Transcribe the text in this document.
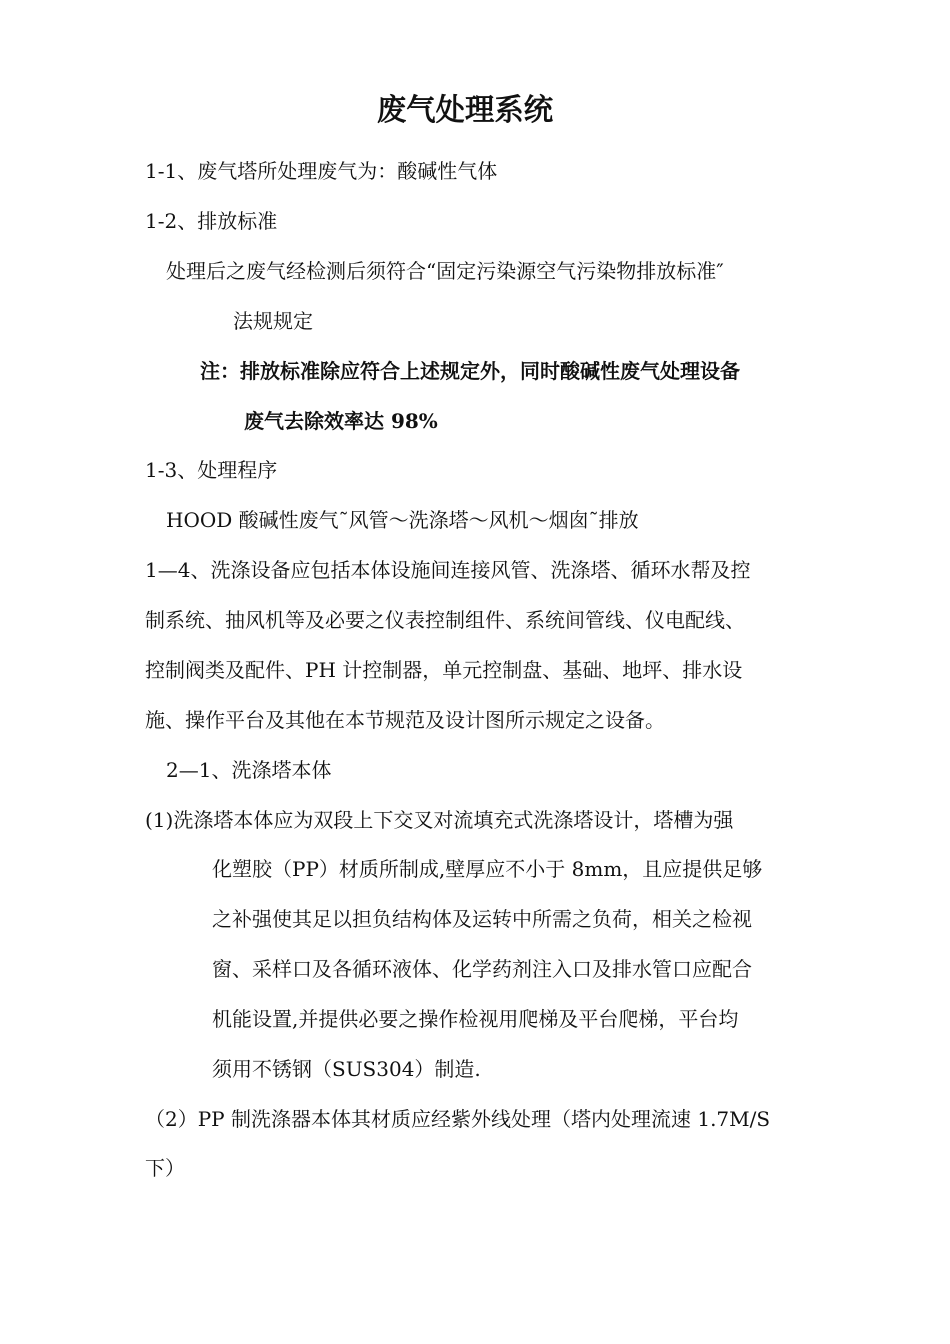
废气处理系统
1-1、废气塔所处理废气为：酸碱性气体
1-2、排放标准
处理后之废气经检测后须符合“固定污染源空气污染物排放标准″
法规规定
注：排放标准除应符合上述规定外，同时酸碱性废气处理设备
废气去除效率达 98%
1-3、处理程序
HOOD 酸碱性废气˜风管～洗涤塔～风机～烟囱˜排放
1—4、洗涤设备应包括本体设施间连接风管、洗涤塔、循环水帮及控
制系统、抽风机等及必要之仪表控制组件、系统间管线、仪电配线、
控制阀类及配件、PH 计控制器，单元控制盘、基础、地坪、排水设
施、操作平台及其他在本节规范及设计图所示规定之设备。
2—1、洗涤塔本体
(1)洗涤塔本体应为双段上下交叉对流填充式洗涤塔设计，塔槽为强
化塑胶（PP）材质所制成,壁厚应不小于 8mm，且应提供足够
之补强使其足以担负结构体及运转中所需之负荷，相关之检视
窗、采样口及各循环液体、化学药剂注入口及排水管口应配合
机能设置,并提供必要之操作检视用爬梯及平台爬梯，平台均
须用不锈钢（SUS304）制造.
（2）PP 制洗涤器本体其材质应经紫外线处理（塔内处理流速 1.7M/S
下）
